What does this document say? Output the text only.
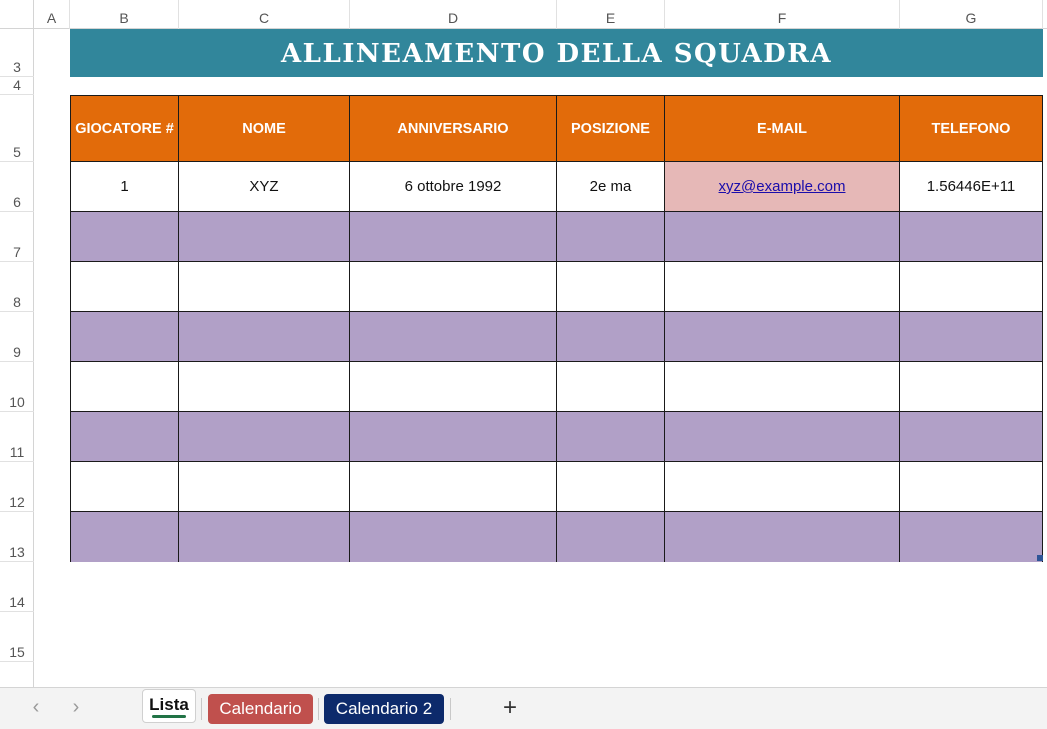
A	B	C	D	E	F	G
3
4
5
6
7
8
9
10
11
12
13
14
15
ALLINEAMENTO DELLA SQUADRA
GIOCATORE #	NOME	ANNIVERSARIO	POSIZIONE	E-MAIL	TELEFONO
1	XYZ	6 ottobre 1992	2e ma	xyz@example.com	1.56446E+11
‹	›	Lista	Calendario	Calendario 2	+
